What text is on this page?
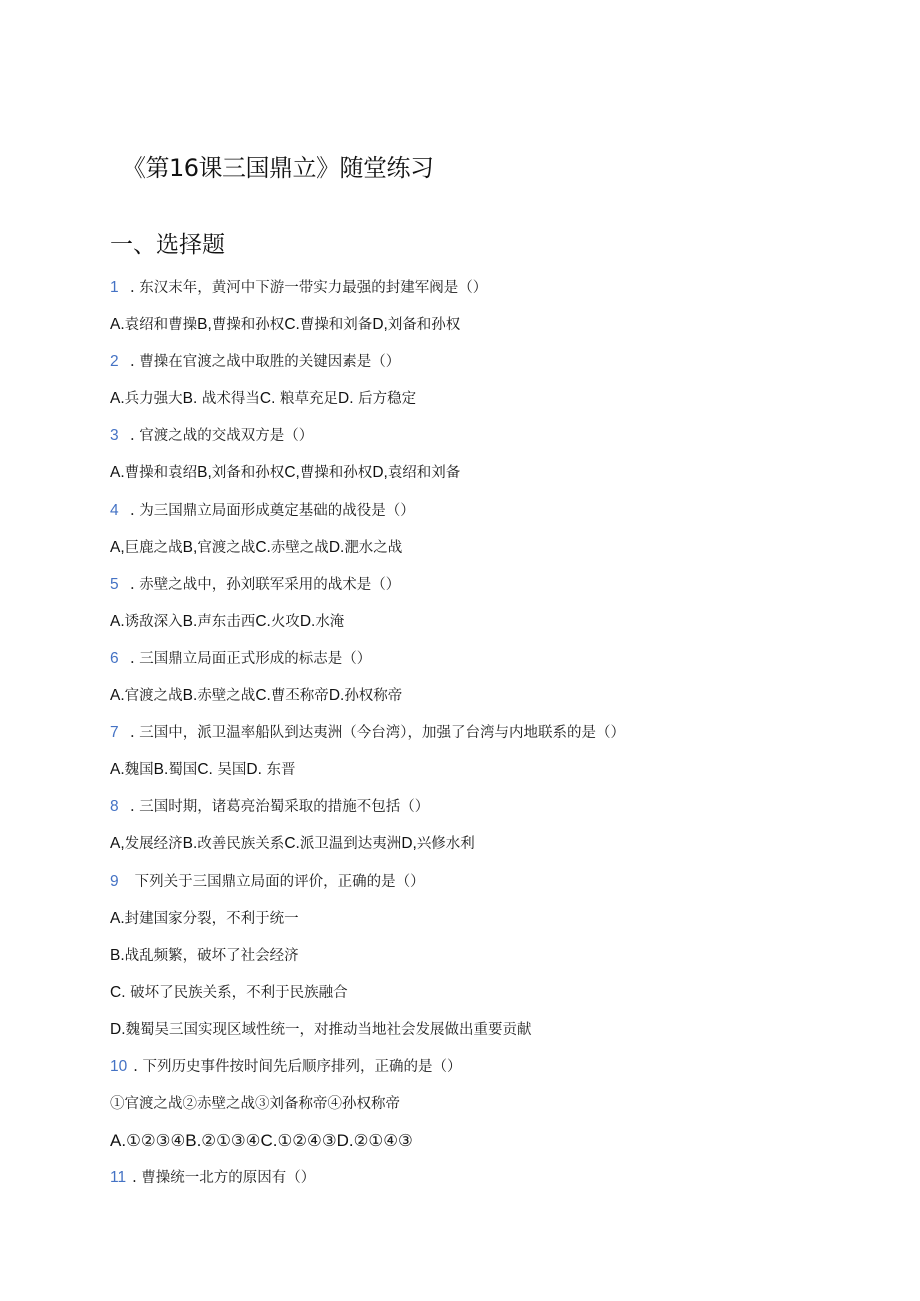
《第16课三国鼎立》随堂练习
一、选择题
1 . 东汉末年，黄河中下游一带实力最强的封建军阀是（）
A.袁绍和曹操B,曹操和孙权C.曹操和刘备D,刘备和孙权
2 . 曹操在官渡之战中取胜的关键因素是（）
A.兵力强大B. 战术得当C. 粮草充足D. 后方稳定
3 . 官渡之战的交战双方是（）
A.曹操和袁绍B,刘备和孙权C,曹操和孙权D,袁绍和刘备
4 . 为三国鼎立局面形成奠定基础的战役是（）
A,巨鹿之战B,官渡之战C.赤壁之战D.淝水之战
5 . 赤壁之战中，孙刘联军采用的战术是（）
A.诱敌深入B.声东击西C.火攻D.水淹
6 . 三国鼎立局面正式形成的标志是（）
A.官渡之战B.赤壁之战C.曹丕称帝D.孙权称帝
7 . 三国中，派卫温率船队到达夷洲（今台湾），加强了台湾与内地联系的是（）
A.魏国B.蜀国C. 吴国D. 东晋
8 . 三国时期，诸葛亮治蜀采取的措施不包括（）
A,发展经济B.改善民族关系C.派卫温到达夷洲D,兴修水利
9 下列关于三国鼎立局面的评价，正确的是（）
A.封建国家分裂，不利于统一
B.战乱频繁，破坏了社会经济
C. 破坏了民族关系，不利于民族融合
D.魏蜀吴三国实现区域性统一，对推动当地社会发展做出重要贡献
10 . 下列历史事件按时间先后顺序排列，正确的是（）
①官渡之战②赤壁之战③刘备称帝④孙权称帝
A.①②③④B.②①③④C.①②④③D.②①④③
11 . 曹操统一北方的原因有（）
